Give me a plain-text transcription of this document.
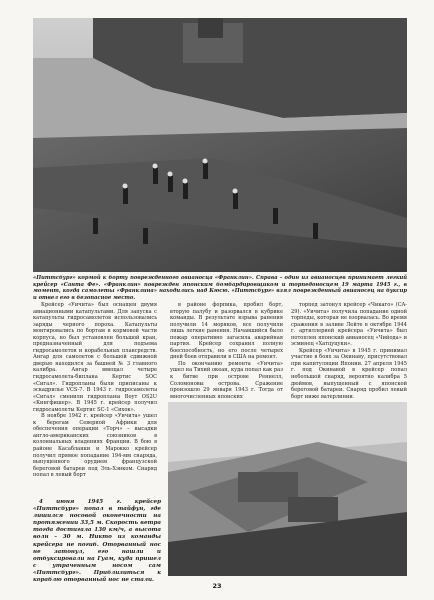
«Питтсбург» кормой к борту поврежденного авианосца «Франклин». Справа – один из авианосцев принимает легкий крейсер «Санта Фе». «Франклин» поврежден японским бомбардировщиком и торпедоносцем 19 марта 1945 г., в момент, когда самолеты «Франклина» находились над Кюсю. «Питтсбург» взял поврежденный авианосец на буксир и отвел его в безопасное место.

Крейсер «Уичита» был оснащен двумя авиационными катапультами. Для запуска с катапульты гидросамолетов использовались заряды черного пороха. Катапульты монтировались по бортам в кормовой части корпуса, но был установлен большой кран, предназначенный для подъема гидросамолетов и корабельных плавсредств. Ангар для самолетов с большой сдвижной дверью находился за башней № 3 главного калибра. Ангар вмещал четыре гидросамолета-биплана Кертис SOC «Сигал». Гидропланы были приписаны к эскадрилье VCS-7. В 1943 г. гидросамолеты «Сигал» сменили гидропланы Воут OS2U «Кингфишер». В 1945 г. крейсер получил гидросамолеты Кертис SC-1 «Сихок».

В ноябре 1942 г. крейсер «Уичита» ушел к берегам Северной Африки для обеспечения операции «Торч» – высадки англо-американских союзников в колониальных владениях Франции. В бою в районе Касабланки и Марокко крейсер получил прямое попадание 194-мм снаряда, выпущенного орудием французской береговой батареи под Эль-Хэнком. Снаряд попал в левый борт

в районе форпика, пробил борт, вторую палубу и разорвался в кубрике команды. В результате взрыва ранения получили 14 моряков, все получили лишь легкие ранения. Начавшийся было пожар оперативно загасила аварийная партия. Крейсер сохранил полную боеспособность, но его после четырех дней боев отправили в США на ремонт.

По окончанию ремонта «Уичита» ушел на Тихий океан, куда попал как раз к битве при острове Реннелл, Соломоновы острова. Сражение произошло 29 января 1943 г. Тогда от многочисленных японских

торпед затонул крейсер «Чикаго» (CA-29). «Уичита» получила попадание одной торпеды, которая не взорвалась. Во время сражения в заливе Лейте в октябре 1944 г. артиллерией крейсера «Уичита» был потоплен японский авианосец «Чийода» и эсминец «Хатцуцуки».

Крейсер «Уичита» в 1945 г. принимал участие в боях за Окинаву, присутствовал при капитуляции Японии. 27 апреля 1945 г. под Окинавой в крейсер попал небольшой снаряд, вероятно калибра 5 дюймов, выпущенный с японской береговой батареи. Снаряд пробил левый борт ниже ватерлинии.

4 июня 1945 г. крейсер «Питтсбург» попал в тайфун, где лишился носовой оконечности на протяжении 33,5 м. Скорость ветра тогда достигала 130 км/ч, а высота волн – 30 м. Никто из команды крейсера не погиб. Оторванный нос не затонул, его нашли и отбуксировали на Гуам, куда пришел с утраченным носом сам «Питтсбург». Приблизиться к кораблю оторванный нос не стали.

23
